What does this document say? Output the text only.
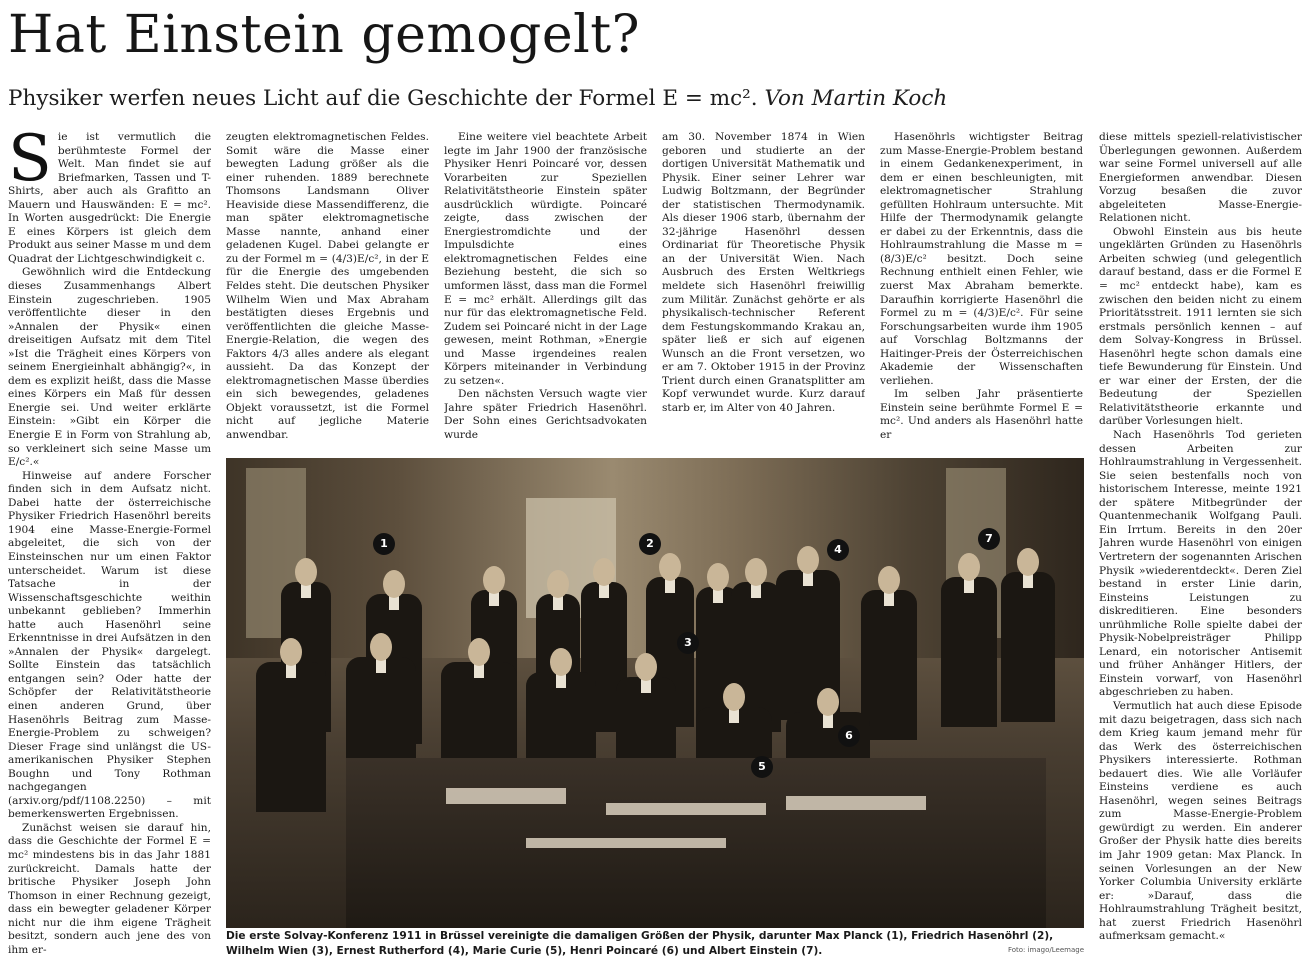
Hat Einstein gemogelt?
Physiker werfen neues Licht auf die Geschichte der Formel E = mc². Von Martin Koch

Sie ist vermutlich die berühmteste Formel der Welt. Man findet sie auf Briefmarken, Tassen und T-Shirts, aber auch als Grafitto an Mauern und Hauswänden: E = mc². In Worten ausgedrückt: Die Energie E eines Körpers ist gleich dem Produkt aus seiner Masse m und dem Quadrat der Lichtgeschwindigkeit c.

Gewöhnlich wird die Entdeckung dieses Zusammenhangs Albert Einstein zugeschrieben. 1905 veröffentlichte dieser in den »Annalen der Physik« einen dreiseitigen Aufsatz mit dem Titel »Ist die Trägheit eines Körpers von seinem Energieinhalt abhängig?«, in dem es explizit heißt, dass die Masse eines Körpers ein Maß für dessen Energie sei. Und weiter erklärte Einstein: »Gibt ein Körper die Energie E in Form von Strahlung ab, so verkleinert sich seine Masse um E/c².«

Hinweise auf andere Forscher finden sich in dem Aufsatz nicht. Dabei hatte der österreichische Physiker Friedrich Hasenöhrl bereits 1904 eine Masse-Energie-Formel abgeleitet, die sich von der Einsteinschen nur um einen Faktor unterscheidet. Warum ist diese Tatsache in der Wissenschaftsgeschichte weithin unbekannt geblieben? Immerhin hatte auch Hasenöhrl seine Erkenntnisse in drei Aufsätzen in den »Annalen der Physik« dargelegt. Sollte Einstein das tatsächlich entgangen sein? Oder hatte der Schöpfer der Relativitätstheorie einen anderen Grund, über Hasenöhrls Beitrag zum Masse-Energie-Problem zu schweigen? Dieser Frage sind unlängst die US-amerikanischen Physiker Stephen Boughn und Tony Rothman nachgegangen (arxiv.org/pdf/1108.2250) – mit bemerkenswerten Ergebnissen.

Zunächst weisen sie darauf hin, dass die Geschichte der Formel E = mc² mindestens bis in das Jahr 1881 zurückreicht. Damals hatte der britische Physiker Joseph John Thomson in einer Rechnung gezeigt, dass ein bewegter geladener Körper nicht nur die ihm eigene Trägheit besitzt, sondern auch jene des von ihm er-

zeugten elektromagnetischen Feldes. Somit wäre die Masse einer bewegten Ladung größer als die einer ruhenden. 1889 berechnete Thomsons Landsmann Oliver Heaviside diese Massendifferenz, die man später elektromagnetische Masse nannte, anhand einer geladenen Kugel. Dabei gelangte er zu der Formel m = (4/3)E/c², in der E für die Energie des umgebenden Feldes steht. Die deutschen Physiker Wilhelm Wien und Max Abraham bestätigten dieses Ergebnis und veröffentlichten die gleiche Masse-Energie-Relation, die wegen des Faktors 4/3 alles andere als elegant aussieht. Da das Konzept der elektromagnetischen Masse überdies ein sich bewegendes, geladenes Objekt voraussetzt, ist die Formel nicht auf jegliche Materie anwendbar.

Eine weitere viel beachtete Arbeit legte im Jahr 1900 der französische Physiker Henri Poincaré vor, dessen Vorarbeiten zur Speziellen Relativitätstheorie Einstein später ausdrücklich würdigte. Poincaré zeigte, dass zwischen der Energiestromdichte und der Impulsdichte eines elektromagnetischen Feldes eine Beziehung besteht, die sich so umformen lässt, dass man die Formel E = mc² erhält. Allerdings gilt das nur für das elektromagnetische Feld. Zudem sei Poincaré nicht in der Lage gewesen, meint Rothman, »Energie und Masse irgendeines realen Körpers miteinander in Verbindung zu setzen«.

Den nächsten Versuch wagte vier Jahre später Friedrich Hasenöhrl. Der Sohn eines Gerichtsadvokaten wurde

am 30. November 1874 in Wien geboren und studierte an der dortigen Universität Mathematik und Physik. Einer seiner Lehrer war Ludwig Boltzmann, der Begründer der statistischen Thermodynamik. Als dieser 1906 starb, übernahm der 32-jährige Hasenöhrl dessen Ordinariat für Theoretische Physik an der Universität Wien. Nach Ausbruch des Ersten Weltkriegs meldete sich Hasenöhrl freiwillig zum Militär. Zunächst gehörte er als physikalisch-technischer Referent dem Festungskommando Krakau an, später ließ er sich auf eigenen Wunsch an die Front versetzen, wo er am 7. Oktober 1915 in der Provinz Trient durch einen Granatsplitter am Kopf verwundet wurde. Kurz darauf starb er, im Alter von 40 Jahren.

Hasenöhrls wichtigster Beitrag zum Masse-Energie-Problem bestand in einem Gedankenexperiment, in dem er einen beschleunigten, mit elektromagnetischer Strahlung gefüllten Hohlraum untersuchte. Mit Hilfe der Thermodynamik gelangte er dabei zu der Erkenntnis, dass die Hohlraumstrahlung die Masse m = (8/3)E/c² besitzt. Doch seine Rechnung enthielt einen Fehler, wie zuerst Max Abraham bemerkte. Daraufhin korrigierte Hasenöhrl die Formel zu m = (4/3)E/c². Für seine Forschungsarbeiten wurde ihm 1905 auf Vorschlag Boltzmanns der Haitinger-Preis der Österreichischen Akademie der Wissenschaften verliehen.

Im selben Jahr präsentierte Einstein seine berühmte Formel E = mc². Und anders als Hasenöhrl hatte er

diese mittels speziell-relativistischer Überlegungen gewonnen. Außerdem war seine Formel universell auf alle Energieformen anwendbar. Diesen Vorzug besaßen die zuvor abgeleiteten Masse-Energie-Relationen nicht.

Obwohl Einstein aus bis heute ungeklärten Gründen zu Hasenöhrls Arbeiten schwieg (und gelegentlich darauf bestand, dass er die Formel E = mc² entdeckt habe), kam es zwischen den beiden nicht zu einem Prioritätsstreit. 1911 lernten sie sich erstmals persönlich kennen – auf dem Solvay-Kongress in Brüssel. Hasenöhrl hegte schon damals eine tiefe Bewunderung für Einstein. Und er war einer der Ersten, der die Bedeutung der Speziellen Relativitätstheorie erkannte und darüber Vorlesungen hielt.

Nach Hasenöhrls Tod gerieten dessen Arbeiten zur Hohlraumstrahlung in Vergessenheit. Sie seien bestenfalls noch von historischem Interesse, meinte 1921 der spätere Mitbegründer der Quantenmechanik Wolfgang Pauli. Ein Irrtum. Bereits in den 20er Jahren wurde Hasenöhrl von einigen Vertretern der sogenannten Arischen Physik »wiederentdeckt«. Deren Ziel bestand in erster Linie darin, Einsteins Leistungen zu diskreditieren. Eine besonders unrühmliche Rolle spielte dabei der Physik-Nobelpreisträger Philipp Lenard, ein notorischer Antisemit und früher Anhänger Hitlers, der Einstein vorwarf, von Hasenöhrl abgeschrieben zu haben.

Vermutlich hat auch diese Episode mit dazu beigetragen, dass sich nach dem Krieg kaum jemand mehr für das Werk des österreichischen Physikers interessierte. Rothman bedauert dies. Wie alle Vorläufer Einsteins verdiene es auch Hasenöhrl, wegen seines Beitrags zum Masse-Energie-Problem gewürdigt zu werden. Ein anderer Großer der Physik hatte dies bereits im Jahr 1909 getan: Max Planck. In seinen Vorlesungen an der New Yorker Columbia University erklärte er: »Darauf, dass die Hohlraumstrahlung Trägheit besitzt, hat zuerst Friedrich Hasenöhrl aufmerksam gemacht.«

1	2
3
4
5
6
7
Die erste Solvay-Konferenz 1911 in Brüssel vereinigte die damaligen Größen der Physik, darunter Max Planck (1), Friedrich Hasenöhrl (2), Wilhelm Wien (3), Ernest Rutherford (4), Marie Curie (5), Henri Poincaré (6) und Albert Einstein (7).	Foto: imago/Leemage
